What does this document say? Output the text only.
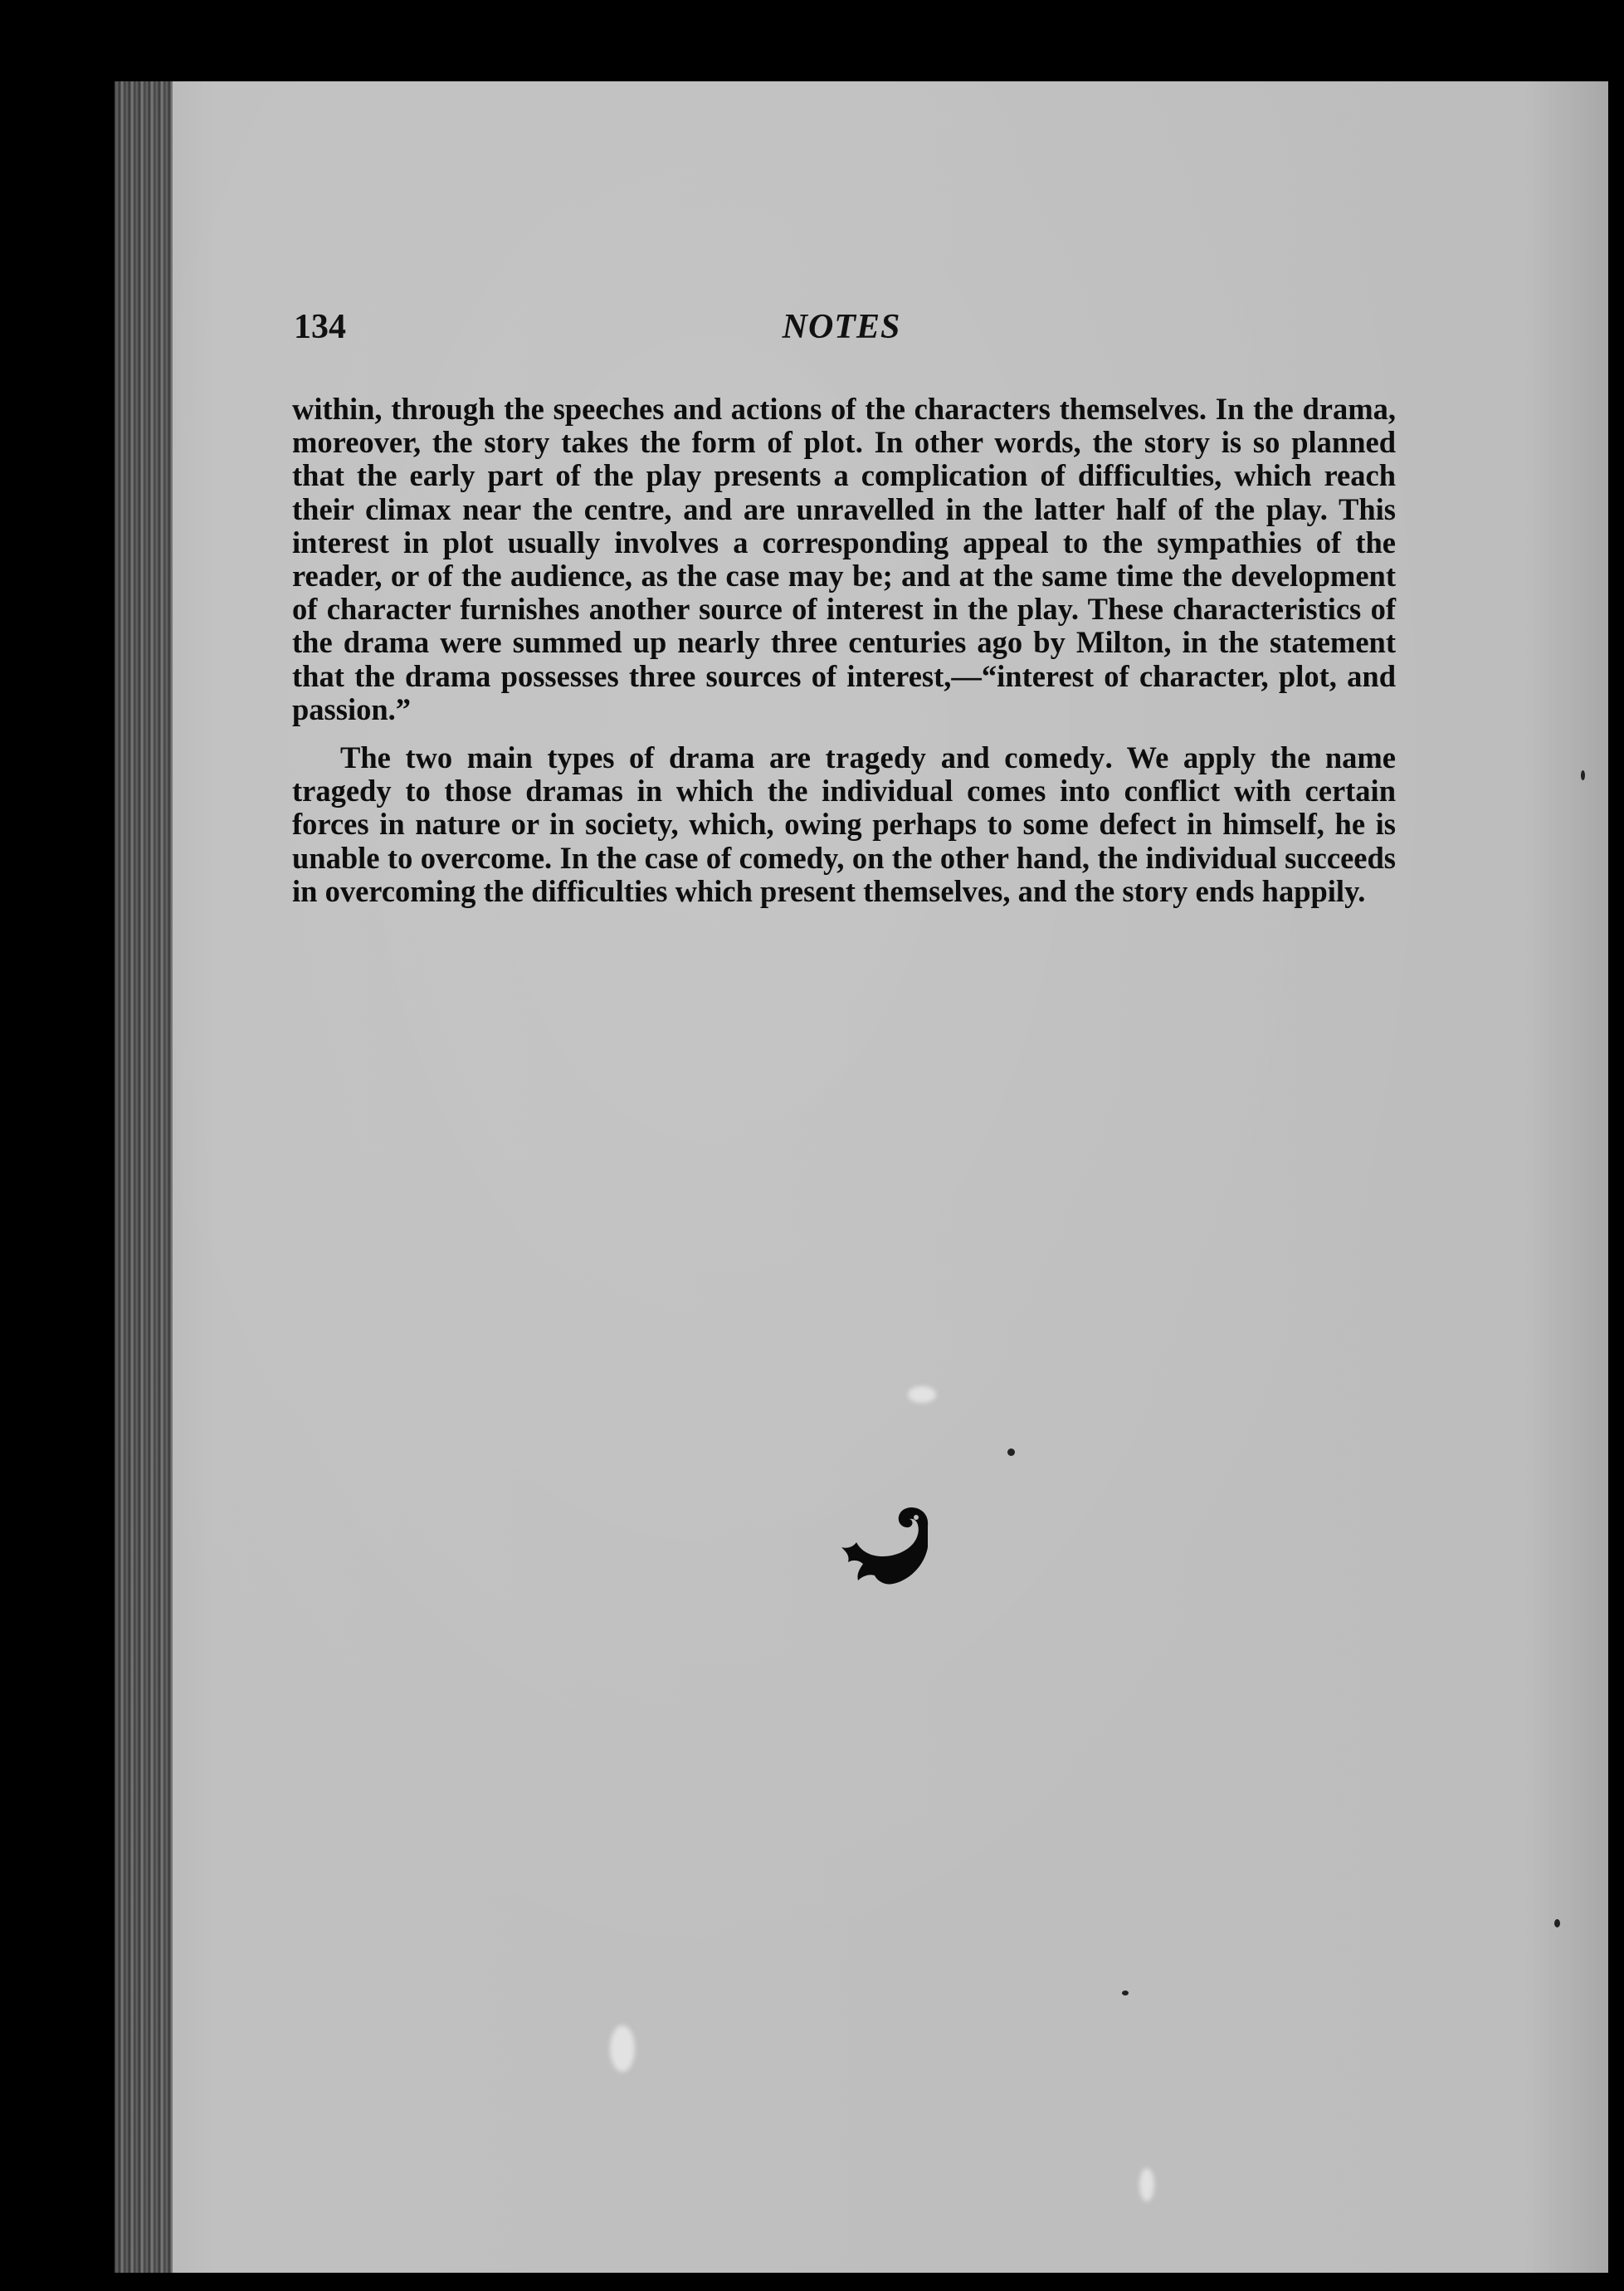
134	NOTES

within, through the speeches and actions of the characters themselves. In the drama, moreover, the story takes the form of plot. In other words, the story is so planned that the early part of the play presents a complication of difficulties, which reach their climax near the centre, and are unravelled in the latter half of the play. This interest in plot usually involves a corresponding appeal to the sympathies of the reader, or of the audience, as the case may be; and at the same time the development of character furnishes another source of interest in the play. These characteristics of the drama were summed up nearly three centuries ago by Milton, in the statement that the drama possesses three sources of interest,—“interest of character, plot, and passion.”

The two main types of drama are tragedy and comedy. We apply the name tragedy to those dramas in which the individual comes into conflict with certain forces in nature or in society, which, owing perhaps to some defect in himself, he is unable to overcome. In the case of comedy, on the other hand, the individual succeeds in overcoming the difficulties which present themselves, and the story ends happily.
